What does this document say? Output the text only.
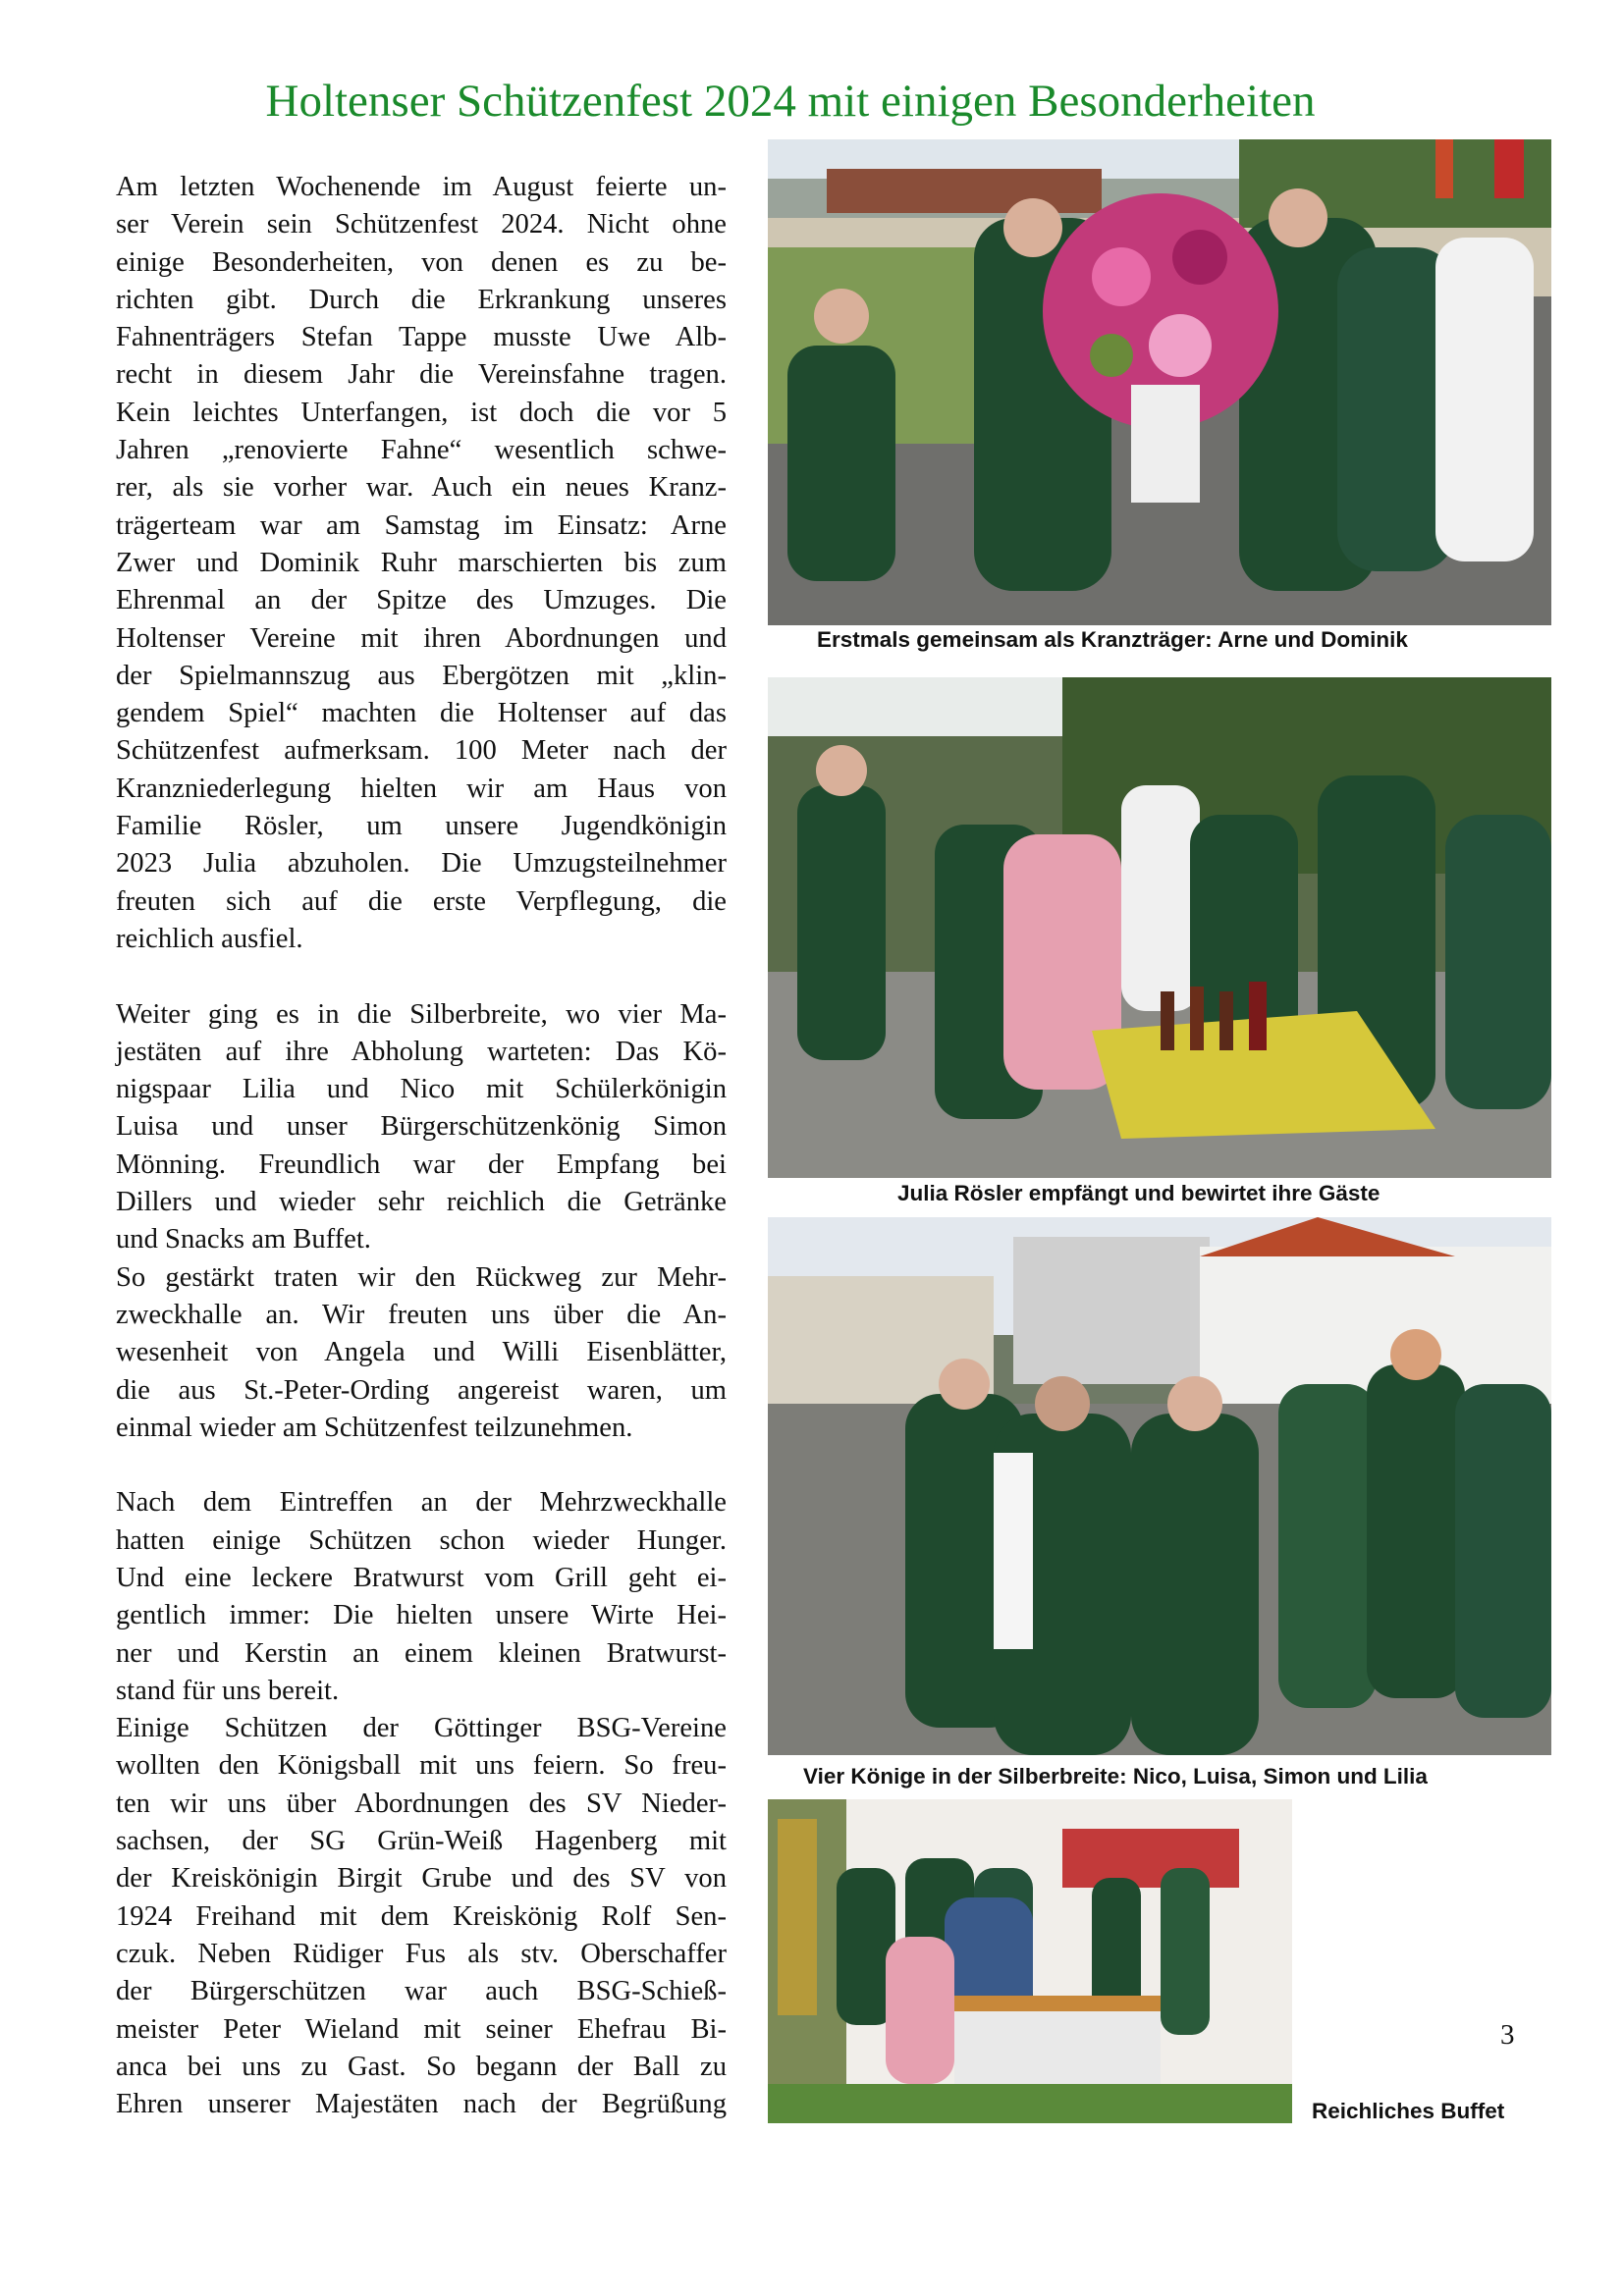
Holtenser Schützenfest 2024 mit einigen Besonderheiten
Am letzten Wochenende im August feierte un-
ser Verein sein Schützenfest 2024. Nicht ohne
einige Besonderheiten, von denen es zu be-
richten gibt. Durch die Erkrankung unseres
Fahnenträgers Stefan Tappe musste Uwe Alb-
recht in diesem Jahr die Vereinsfahne tragen.
Kein leichtes Unterfangen, ist doch die vor 5
Jahren „renovierte Fahne“ wesentlich schwe-
rer, als sie vorher war. Auch ein neues Kranz-
trägerteam war am Samstag im Einsatz: Arne
Zwer und Dominik Ruhr marschierten bis zum
Ehrenmal an der Spitze des Umzuges. Die
Holtenser Vereine mit ihren Abordnungen und
der Spielmannszug aus Ebergötzen mit „klin-
gendem Spiel“ machten die Holtenser auf das
Schützenfest aufmerksam. 100 Meter nach der
Kranzniederlegung hielten wir am Haus von
Familie Rösler, um unsere Jugendkönigin
2023 Julia abzuholen. Die Umzugsteilnehmer
freuten sich auf die erste Verpflegung, die
reichlich ausfiel.
Weiter ging es in die Silberbreite, wo vier Ma-
jestäten auf ihre Abholung warteten: Das Kö-
nigspaar Lilia und Nico mit Schülerkönigin
Luisa und unser Bürgerschützenkönig Simon
Mönning. Freundlich war der Empfang bei
Dillers und wieder sehr reichlich die Getränke
und Snacks am Buffet.
So gestärkt traten wir den Rückweg zur Mehr-
zweckhalle an. Wir freuten uns über die An-
wesenheit von Angela und Willi Eisenblätter,
die aus St.-Peter-Ording angereist waren, um
einmal wieder am Schützenfest teilzunehmen.
Nach dem Eintreffen an der Mehrzweckhalle
hatten einige Schützen schon wieder Hunger.
Und eine leckere Bratwurst vom Grill geht ei-
gentlich immer: Die hielten unsere Wirte Hei-
ner und Kerstin an einem kleinen Bratwurst-
stand für uns bereit.
Einige Schützen der Göttinger BSG-Vereine
wollten den Königsball mit uns feiern. So freu-
ten wir uns über Abordnungen des SV Nieder-
sachsen, der SG Grün-Weiß Hagenberg mit
der Kreiskönigin Birgit Grube und des SV von
1924 Freihand mit dem Kreiskönig Rolf Sen-
czuk. Neben Rüdiger Fus als stv. Oberschaffer
der Bürgerschützen war auch BSG-Schieß-
meister Peter Wieland mit seiner Ehefrau Bi-
anca bei uns zu Gast. So begann der Ball zu
Ehren unserer Majestäten nach der Begrüßung
Erstmals gemeinsam als Kranzträger: Arne und Dominik
Julia Rösler empfängt und bewirtet ihre Gäste
Vier Könige in der Silberbreite: Nico, Luisa, Simon und Lilia
Reichliches Buffet
3
